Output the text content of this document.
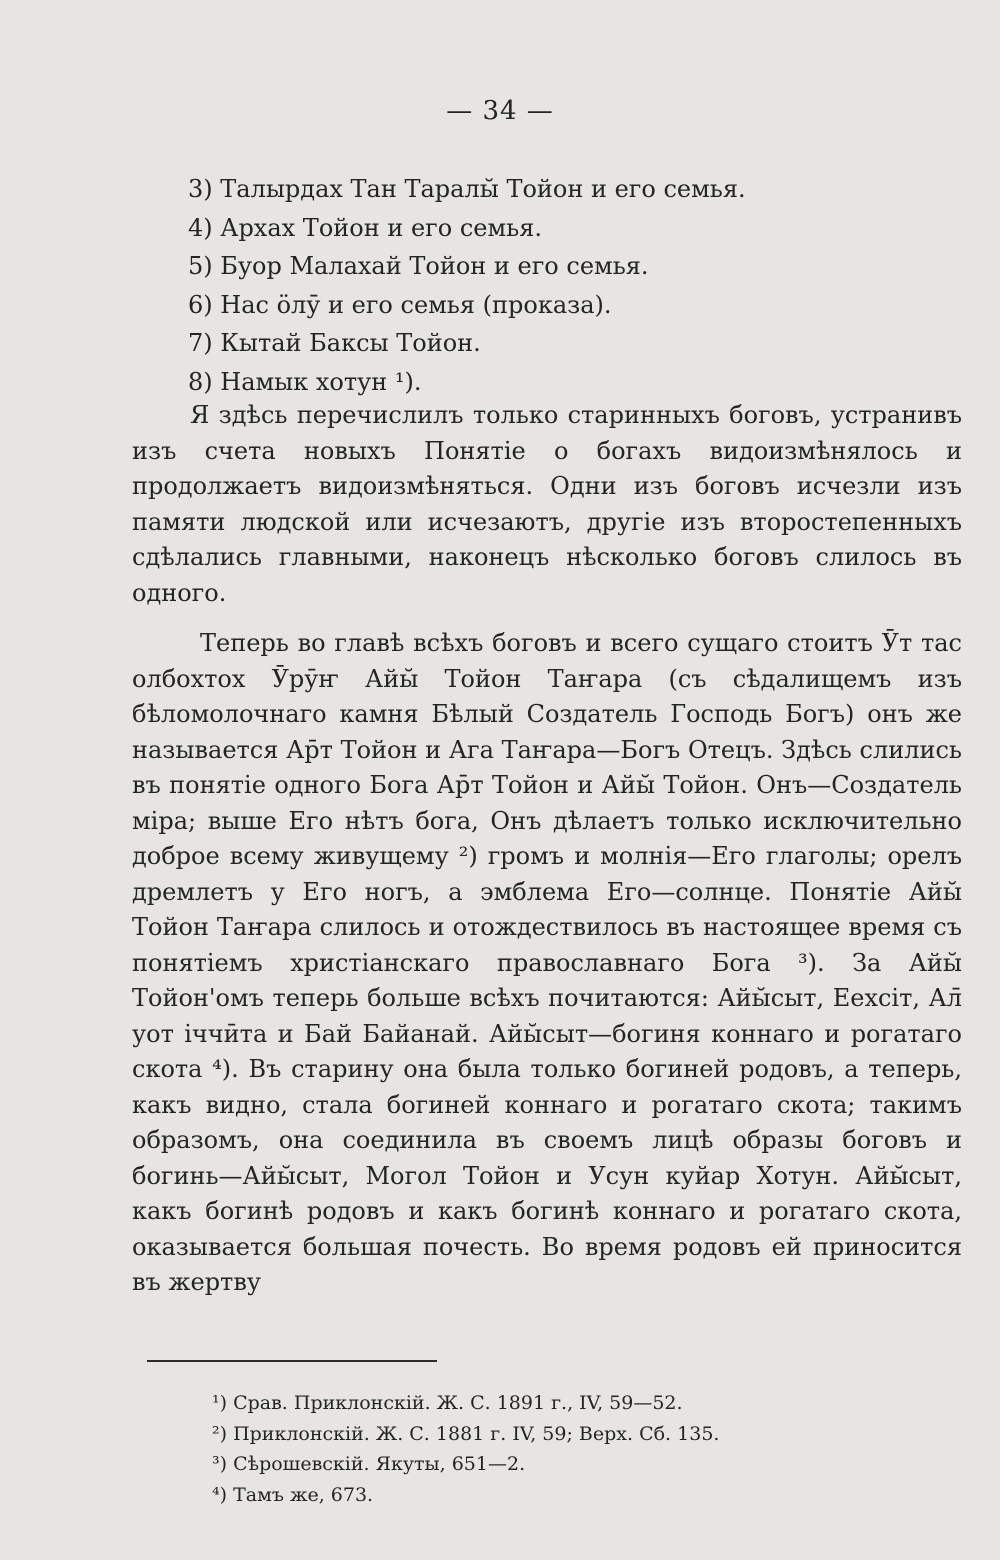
— 34 —
3) Талырдах Тан Таралы̆ Тойон и его семья.
4) Архах Тойон и его семья.
5) Буор Малахай Тойон и его семья.
6) Нас ӧлӯ и его семья (проказа).
7) Кытай Баксы Тойон.
8) Намык хотун ¹).

Я здѣсь перечислилъ только старинныхъ боговъ, устранивъ изъ счета новыхъ Понятіе о богахъ видоизмѣнялось и продолжаетъ видоизмѣняться. Одни изъ боговъ исчезли изъ памяти людской или исчезаютъ, другіе изъ второстепенныхъ сдѣлались главными, наконецъ нѣсколько боговъ слилось въ одного.

Теперь во главѣ всѣхъ боговъ и всего сущаго стоитъ Ӯт тас олбохтох Ӯрӯҥ Айы̆ Тойон Таҥара (съ сѣдалищемъ изъ бѣломолочнаго камня Бѣлый Создатель Господь Богъ) онъ же называется Ар̄т Тойон и Ага Таҥара—Богъ Отецъ. Здѣсь слились въ понятіе одного Бога Ар̄т Тойон и Айы̆ Тойон. Онъ—Создатель міра; выше Его нѣтъ бога, Онъ дѣлаетъ только исключительно доброе всему живущему ²) громъ и молнія—Его глаголы; орелъ дремлетъ у Его ногъ, а эмблема Его—солнце. Понятіе Айы̆ Тойон Таҥара слилось и отождествилось въ настоящее время съ понятіемъ христіанскаго православнаго Бога ³). За Айы̆ Тойон'омъ теперь больше всѣхъ почитаются: Айы̆сыт, Еехсіт, Ал̄ уот іччӣта и Бай Байанай. Айы̆сыт—богиня коннаго и рогатаго скота ⁴). Въ старину она была только богиней родовъ, а теперь, какъ видно, стала богиней коннаго и рогатаго скота; такимъ образомъ, она соединила въ своемъ лицѣ образы боговъ и богинь—Айы̆сыт, Могол Тойон и Усун куйар Хотун. Айы̆сыт, какъ богинѣ родовъ и какъ богинѣ коннаго и рогатаго скота, оказывается большая почесть. Во время родовъ ей приносится въ жертву

¹) Срав. Приклонскій. Ж. С. 1891 г., IV, 59—52.
²) Приклонскій. Ж. С. 1881 г. IV, 59; Верх. Сб. 135.
³) Сѣрошевскій. Якуты, 651—2.
⁴) Тамъ же, 673.
